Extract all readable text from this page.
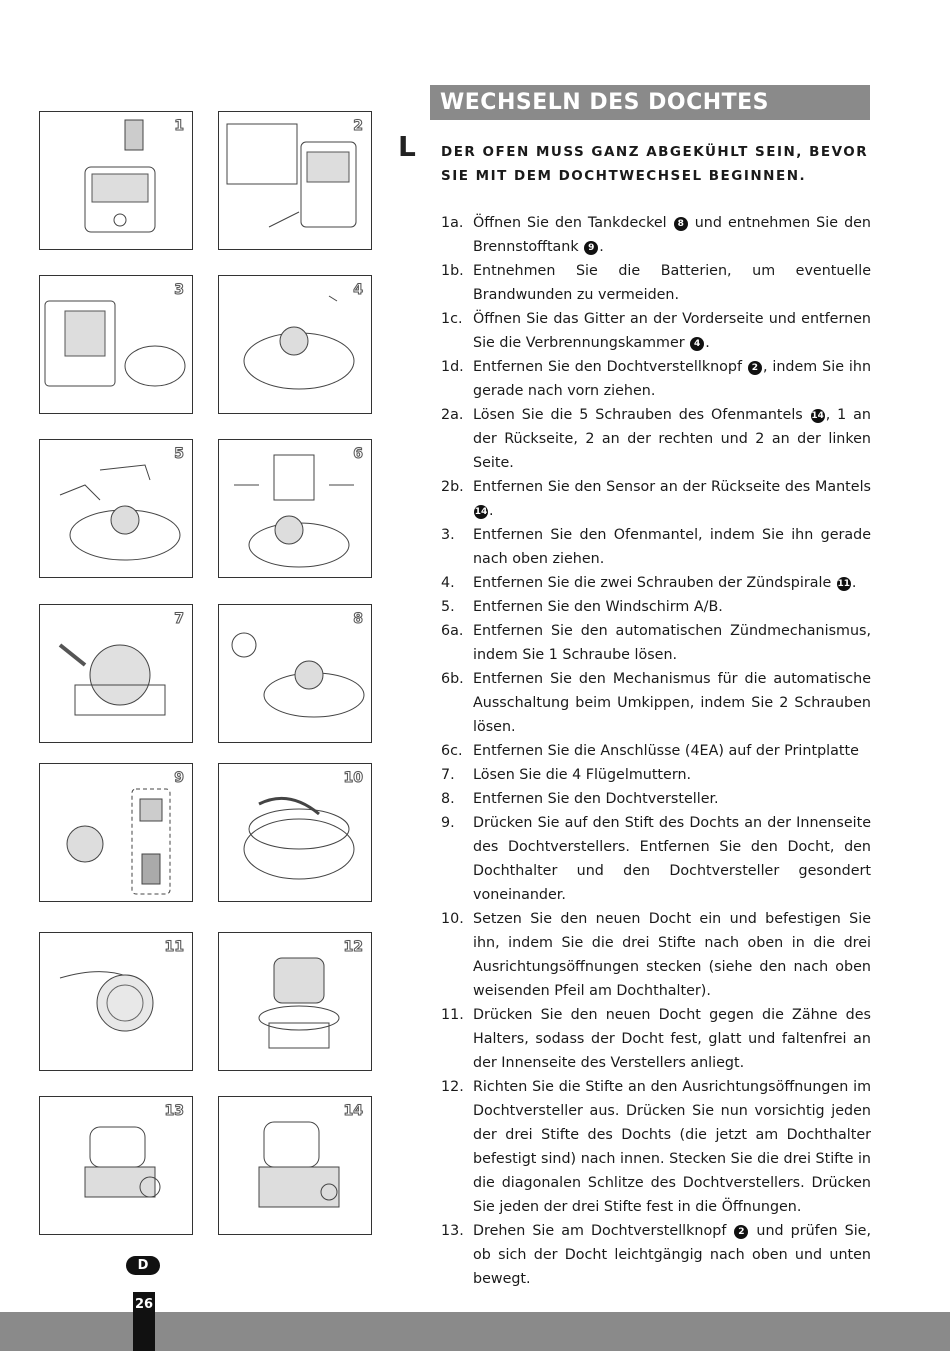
1	2
3	4
5	6
7	8
9	10
11	12
13	14
WECHSELN DES DOCHTES
L DER OFEN MUSS GANZ ABGEKÜHLT SEIN, BEVOR SIE MIT DEM DOCHTWECHSEL BEGINNEN.
1a. Öffnen Sie den Tankdeckel 8 und entnehmen Sie den Brennstofftank 9 .
1b. Entnehmen Sie die Batterien, um eventuelle Brandwunden zu vermeiden.
1c. Öffnen Sie das Gitter an der Vorderseite und entfernen Sie die Verbrennungskammer 4 .
1d. Entfernen Sie den Dochtverstellknopf 2 , indem Sie ihn gerade nach vorn ziehen.
2a. Lösen Sie die 5 Schrauben des Ofenmantels 14 , 1 an der Rückseite, 2 an der rechten und 2 an der linken Seite.
2b. Entfernen Sie den Sensor an der Rückseite des Mantels 14 .
3.	Entfernen Sie den Ofenmantel, indem Sie ihn gerade nach oben ziehen.
4.	Entfernen Sie die zwei Schrauben der Zündspirale 11 .
5.	Entfernen Sie den Windschirm A/B.
6a. Entfernen Sie den automatischen Zündmechanismus, indem Sie 1 Schraube lösen.
6b. Entfernen Sie den Mechanismus für die automatische Ausschaltung beim Umkippen, indem Sie 2 Schrauben lösen.
6c. Entfernen Sie die Anschlüsse (4EA) auf der Printplatte
7.	Lösen Sie die 4 Flügelmuttern.
8.	Entfernen Sie den Dochtversteller.
9.	Drücken Sie auf den Stift des Dochts an der Innenseite des Dochtverstellers. Entfernen Sie den Docht, den Dochthalter und den Dochtversteller gesondert voneinander.
10. Setzen Sie den neuen Docht ein und befestigen Sie ihn, indem Sie die drei Stifte nach oben in die drei Ausrichtungsöffnungen stecken (siehe den nach oben weisenden Pfeil am Dochthalter).
11. Drücken Sie den neuen Docht gegen die Zähne des Halters, sodass der Docht fest, glatt und faltenfrei an der Innenseite des Verstellers anliegt.
12. Richten Sie die Stifte an den Ausrichtungsöffnungen im Dochtversteller aus. Drücken Sie nun vorsichtig jeden der drei Stifte des Dochts (die jetzt am Dochthalter befestigt sind) nach innen. Stecken Sie die drei Stifte in die diagonalen Schlitze des Dochtverstellers. Drücken Sie jeden der drei Stifte fest in die Öffnungen.
13. Drehen Sie am Dochtverstellknopf 2 und prüfen Sie, ob sich der Docht leichtgängig nach oben und unten bewegt.
D
26
